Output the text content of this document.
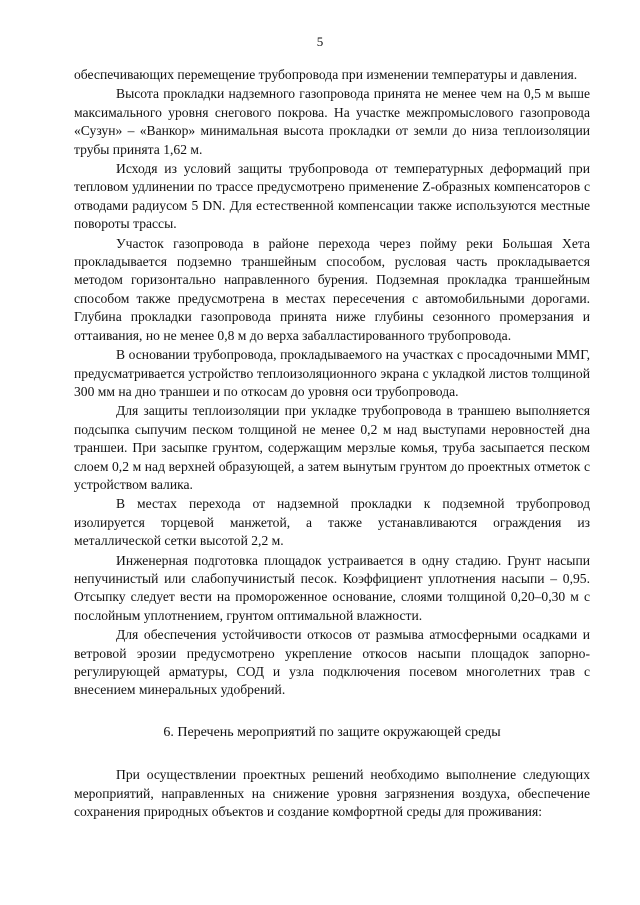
5

обеспечивающих перемещение трубопровода при изменении температуры и давления.

Высота прокладки надземного газопровода принята не менее чем на 0,5 м выше максимального уровня снегового покрова. На участке межпромыслового газопровода «Сузун» – «Ванкор» минимальная высота прокладки от земли до низа теплоизоляции трубы принята 1,62 м.

Исходя из условий защиты трубопровода от температурных деформаций при тепловом удлинении по трассе предусмотрено применение Z-образных компенсаторов с отводами радиусом 5 DN. Для естественной компенсации также используются местные повороты трассы.

Участок газопровода в районе перехода через пойму реки Большая Хета прокладывается подземно траншейным способом, русловая часть прокладывается методом горизонтально направленного бурения. Подземная прокладка траншейным способом также предусмотрена в местах пересечения с автомобильными дорогами. Глубина прокладки газопровода принята ниже глубины сезонного промерзания и оттаивания, но не менее 0,8 м до верха забалластированного трубопровода.

В основании трубопровода, прокладываемого на участках с просадочными ММГ, предусматривается устройство теплоизоляционного экрана с укладкой листов толщиной 300 мм на дно траншеи и по откосам до уровня оси трубопровода.

Для защиты теплоизоляции при укладке трубопровода в траншею выполняется подсыпка сыпучим песком толщиной не менее 0,2 м над выступами неровностей дна траншеи. При засыпке грунтом, содержащим мерзлые комья, труба засыпается песком слоем 0,2 м над верхней образующей, а затем вынутым грунтом до проектных отметок с устройством валика.

В местах перехода от надземной прокладки к подземной трубопровод изолируется торцевой манжетой, а также устанавливаются ограждения из металлической сетки высотой 2,2 м.

Инженерная подготовка площадок устраивается в одну стадию. Грунт насыпи непучинистый или слабопучинистый песок. Коэффициент уплотнения насыпи – 0,95. Отсыпку следует вести на промороженное основание, слоями толщиной 0,20–0,30 м с послойным уплотнением, грунтом оптимальной влажности.

Для обеспечения устойчивости откосов от размыва атмосферными осадками и ветровой эрозии предусмотрено укрепление откосов насыпи площадок запорно-регулирующей арматуры, СОД и узла подключения посевом многолетних трав с внесением минеральных удобрений.

6. Перечень мероприятий по защите окружающей среды

При осуществлении проектных решений необходимо выполнение следующих мероприятий, направленных на снижение уровня загрязнения воздуха, обеспечение сохранения природных объектов и создание комфортной среды для проживания:
